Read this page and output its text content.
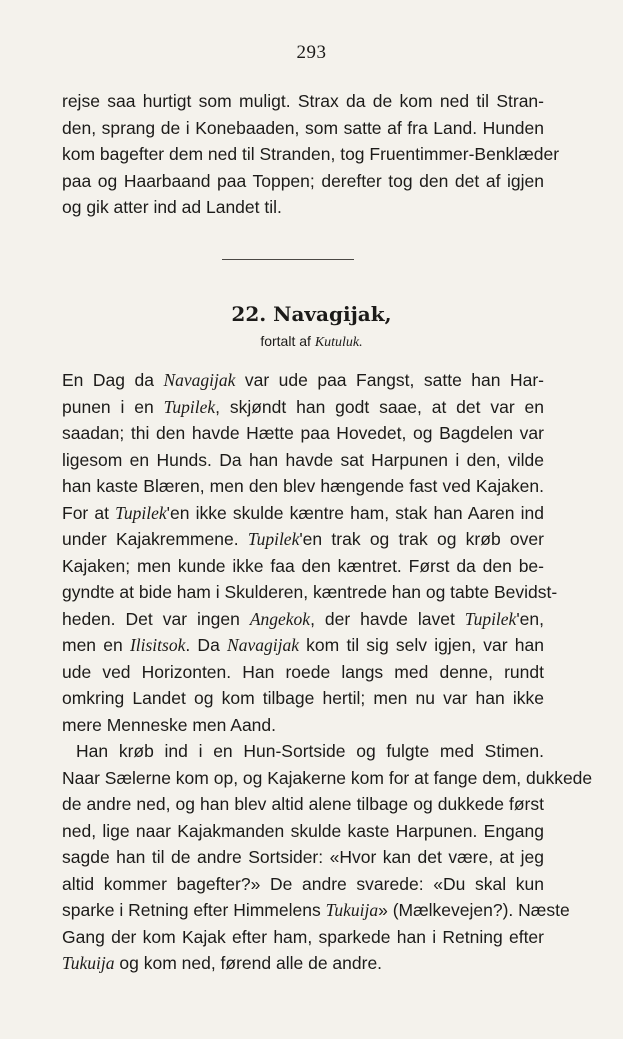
293
rejse saa hurtigt som muligt. Strax da de kom ned til Stran-
den, sprang de i Konebaaden, som satte af fra Land. Hunden
kom bagefter dem ned til Stranden, tog Fruentimmer-Benklæder
paa og Haarbaand paa Toppen; derefter tog den det af igjen
og gik atter ind ad Landet til.
22. Navagijak,
fortalt af Kutuluk.
En Dag da Navagijak var ude paa Fangst, satte han Har-
punen i en Tupilek, skjøndt han godt saae, at det var en
saadan; thi den havde Hætte paa Hovedet, og Bagdelen var
ligesom en Hunds. Da han havde sat Harpunen i den, vilde
han kaste Blæren, men den blev hængende fast ved Kajaken.
For at Tupilek'en ikke skulde kæntre ham, stak han Aaren ind
under Kajakremmene. Tupilek'en trak og trak og krøb over
Kajaken; men kunde ikke faa den kæntret. Først da den be-
gyndte at bide ham i Skulderen, kæntrede han og tabte Bevidst-
heden. Det var ingen Angekok, der havde lavet Tupilek'en,
men en Ilisitsok. Da Navagijak kom til sig selv igjen, var han
ude ved Horizonten. Han roede langs med denne, rundt
omkring Landet og kom tilbage hertil; men nu var han ikke
mere Menneske men Aand.
Han krøb ind i en Hun-Sortside og fulgte med Stimen.
Naar Sælerne kom op, og Kajakerne kom for at fange dem, dukkede
de andre ned, og han blev altid alene tilbage og dukkede først
ned, lige naar Kajakmanden skulde kaste Harpunen. Engang
sagde han til de andre Sortsider: «Hvor kan det være, at jeg
altid kommer bagefter?» De andre svarede: «Du skal kun
sparke i Retning efter Himmelens Tukuija» (Mælkevejen?). Næste
Gang der kom Kajak efter ham, sparkede han i Retning efter
Tukuija og kom ned, førend alle de andre.
